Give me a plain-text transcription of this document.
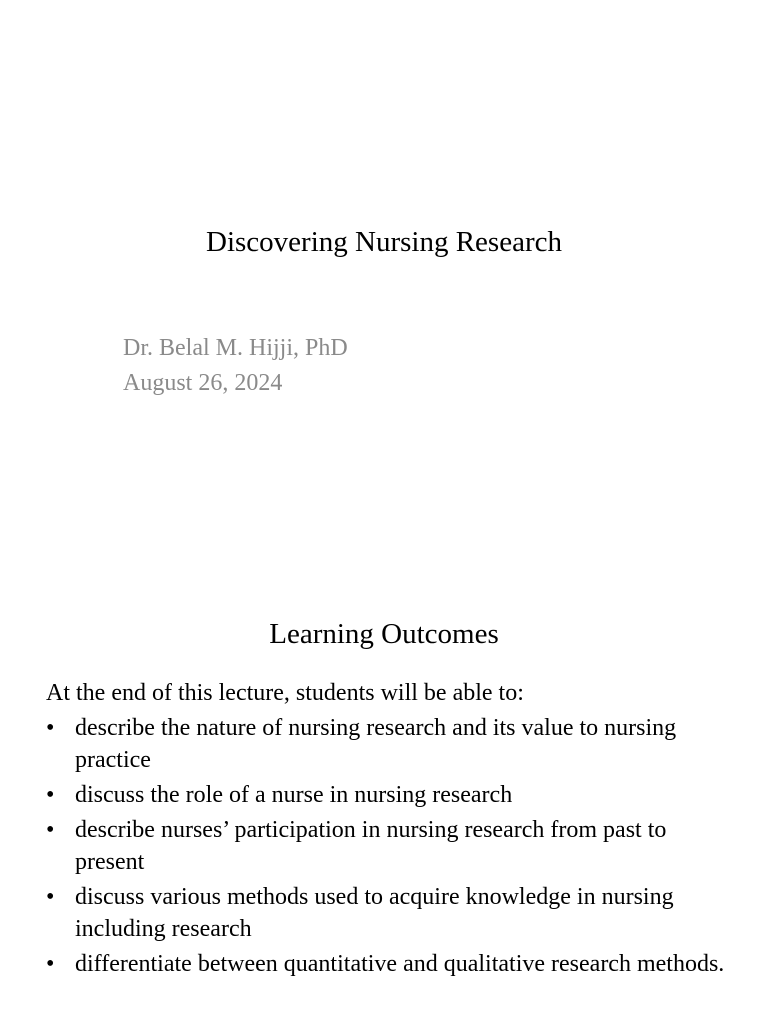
Discovering Nursing Research
Dr. Belal M. Hijji, PhD
August 26, 2024
Learning Outcomes
At the end of this lecture, students will be able to:
• describe the nature of nursing research and its value to nursing practice
• discuss the role of a nurse in nursing research
• describe nurses’ participation in nursing research from past to present
• discuss various methods used to acquire knowledge in nursing including research
• differentiate between quantitative and qualitative research methods.
